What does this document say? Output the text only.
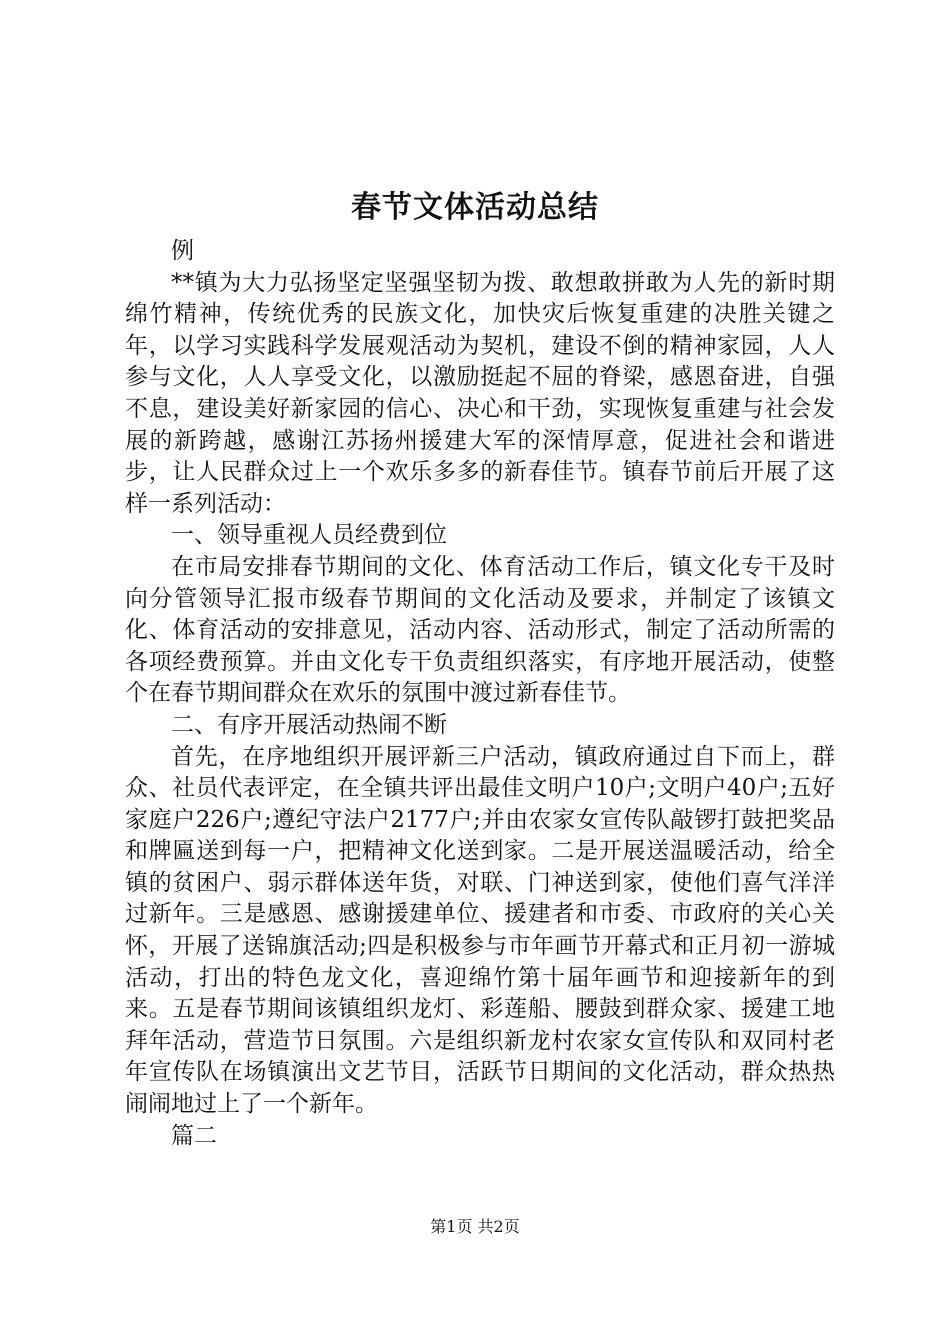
春节文体活动总结

例

**镇为大力弘扬坚定坚强坚韧为拨、敢想敢拼敢为人先的新时期绵竹精神，传统优秀的民族文化，加快灾后恢复重建的决胜关键之年，以学习实践科学发展观活动为契机，建设不倒的精神家园，人人参与文化，人人享受文化，以激励挺起不屈的脊梁，感恩奋进，自强不息，建设美好新家园的信心、决心和干劲，实现恢复重建与社会发展的新跨越，感谢江苏扬州援建大军的深情厚意，促进社会和谐进步，让人民群众过上一个欢乐多多的新春佳节。镇春节前后开展了这样一系列活动：

一、领导重视人员经费到位

在市局安排春节期间的文化、体育活动工作后，镇文化专干及时向分管领导汇报市级春节期间的文化活动及要求，并制定了该镇文化、体育活动的安排意见，活动内容、活动形式，制定了活动所需的各项经费预算。并由文化专干负责组织落实，有序地开展活动，使整个在春节期间群众在欢乐的氛围中渡过新春佳节。

二、有序开展活动热闹不断

首先，在序地组织开展评新三户活动，镇政府通过自下而上，群众、社员代表评定，在全镇共评出最佳文明户10户;文明户40户;五好家庭户226户;遵纪守法户2177户;并由农家女宣传队敲锣打鼓把奖品和牌匾送到每一户，把精神文化送到家。二是开展送温暖活动，给全镇的贫困户、弱示群体送年货，对联、门神送到家，使他们喜气洋洋过新年。三是感恩、感谢援建单位、援建者和市委、市政府的关心关怀，开展了送锦旗活动;四是积极参与市年画节开幕式和正月初一游城活动，打出的特色龙文化，喜迎绵竹第十届年画节和迎接新年的到来。五是春节期间该镇组织龙灯、彩莲船、腰鼓到群众家、援建工地拜年活动，营造节日氛围。六是组织新龙村农家女宣传队和双同村老年宣传队在场镇演出文艺节目，活跃节日期间的文化活动，群众热热闹闹地过上了一个新年。

篇二

第1页 共2页
